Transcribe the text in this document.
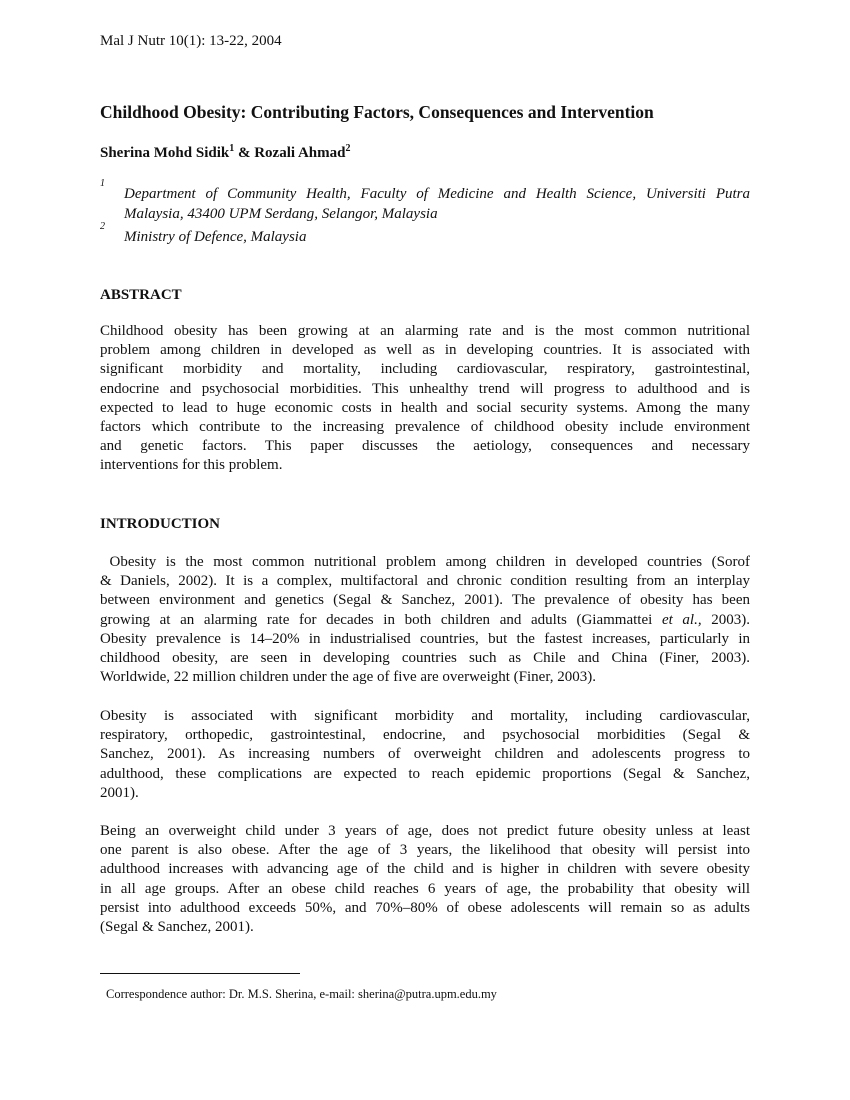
Mal J Nutr 10(1): 13-22, 2004
Childhood Obesity: Contributing Factors, Consequences and Intervention
Sherina Mohd Sidik$^1$ & Rozali Ahmad$^2$
1
Department of Community Health, Faculty of Medicine and Health Science, Universiti Putra
Malaysia, 43400 UPM Serdang, Selangor, Malaysia
2
Ministry of Defence, Malaysia
ABSTRACT
Childhood obesity has been growing at an alarming rate and is the most common nutritional
problem among children in developed as well as in developing countries. It is associated with
significant morbidity and mortality, including cardiovascular, respiratory, gastrointestinal,
endocrine and psychosocial morbidities. This unhealthy trend will progress to adulthood and is
expected to lead to huge economic costs in health and social security systems. Among the many
factors which contribute to the increasing prevalence of childhood obesity include environment
and genetic factors. This paper discusses the aetiology, consequences and necessary
interventions for this problem.
INTRODUCTION
Obesity is the most common nutritional problem among children in developed countries (Sorof
& Daniels, 2002). It is a complex, multifactoral and chronic condition resulting from an interplay
between environment and genetics (Segal & Sanchez, 2001). The prevalence of obesity has been
growing at an alarming rate for decades in both children and adults (Giammattei et al., 2003).
Obesity prevalence is 14–20% in industrialised countries, but the fastest increases, particularly in
childhood obesity, are seen in developing countries such as Chile and China (Finer, 2003).
Worldwide, 22 million children under the age of five are overweight (Finer, 2003).
Obesity is associated with significant morbidity and mortality, including cardiovascular,
respiratory, orthopedic, gastrointestinal, endocrine, and psychosocial morbidities (Segal &
Sanchez, 2001). As increasing numbers of overweight children and adolescents progress to
adulthood, these complications are expected to reach epidemic proportions (Segal & Sanchez,
2001).
Being an overweight child under 3 years of age, does not predict future obesity unless at least
one parent is also obese. After the age of 3 years, the likelihood that obesity will persist into
adulthood increases with advancing age of the child and is higher in children with severe obesity
in all age groups. After an obese child reaches 6 years of age, the probability that obesity will
persist into adulthood exceeds 50%, and 70%–80% of obese adolescents will remain so as adults
(Segal & Sanchez, 2001).
Correspondence author: Dr. M.S. Sherina, e-mail: sherina@putra.upm.edu.my
